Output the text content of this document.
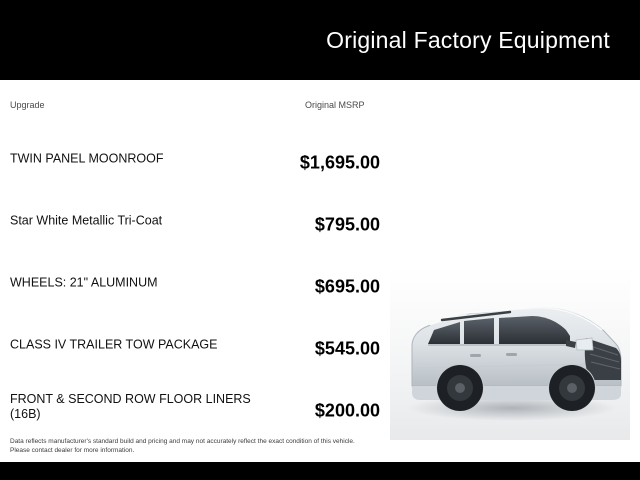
Original Factory Equipment
Upgrade	Original MSRP
TWIN PANEL MOONROOF	$1,695.00
Star White Metallic Tri-Coat	$795.00
WHEELS: 21" ALUMINUM	$695.00
CLASS IV TRAILER TOW PACKAGE	$545.00
FRONT & SECOND ROW FLOOR LINERS (16B)	$200.00
Data reflects manufacturer's standard build and pricing and may not accurately reflect the exact condition of this vehicle.
Please contact dealer for more information.
